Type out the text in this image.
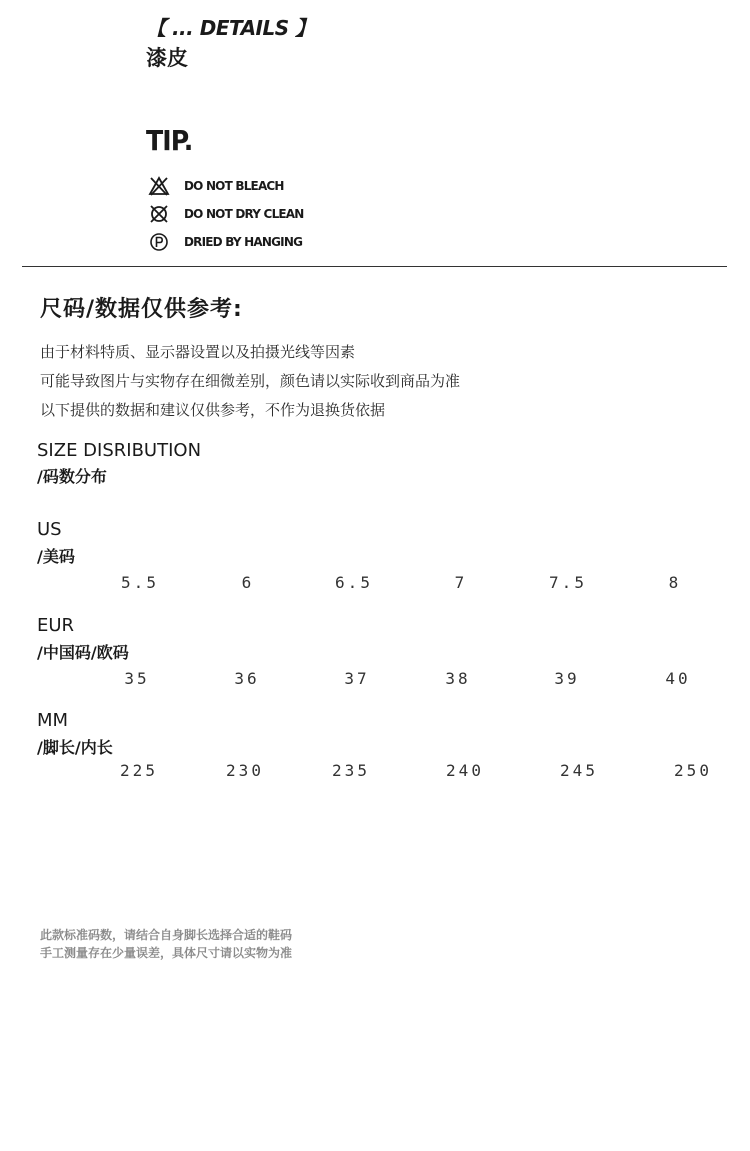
【 ... DETAILS 】
漆皮
TIP.
DO NOT BLEACH
DO NOT DRY CLEAN
DRIED BY HANGING
尺码/数据仅供参考:
由于材料特质、显示器设置以及拍摄光线等因素
可能导致图片与实物存在细微差别，颜色请以实际收到商品为准
以下提供的数据和建议仅供参考，不作为退换货依据
SIZE DISRIBUTION
/码数分布
US
/美码
5.5	6	6.5	7	7.5	8
EUR
/中国码/欧码
35	36	37	38	39	40
MM
/脚长/内长
225	230	235	240	245	250
此款标准码数，请结合自身脚长选择合适的鞋码
手工测量存在少量误差，具体尺寸请以实物为准
